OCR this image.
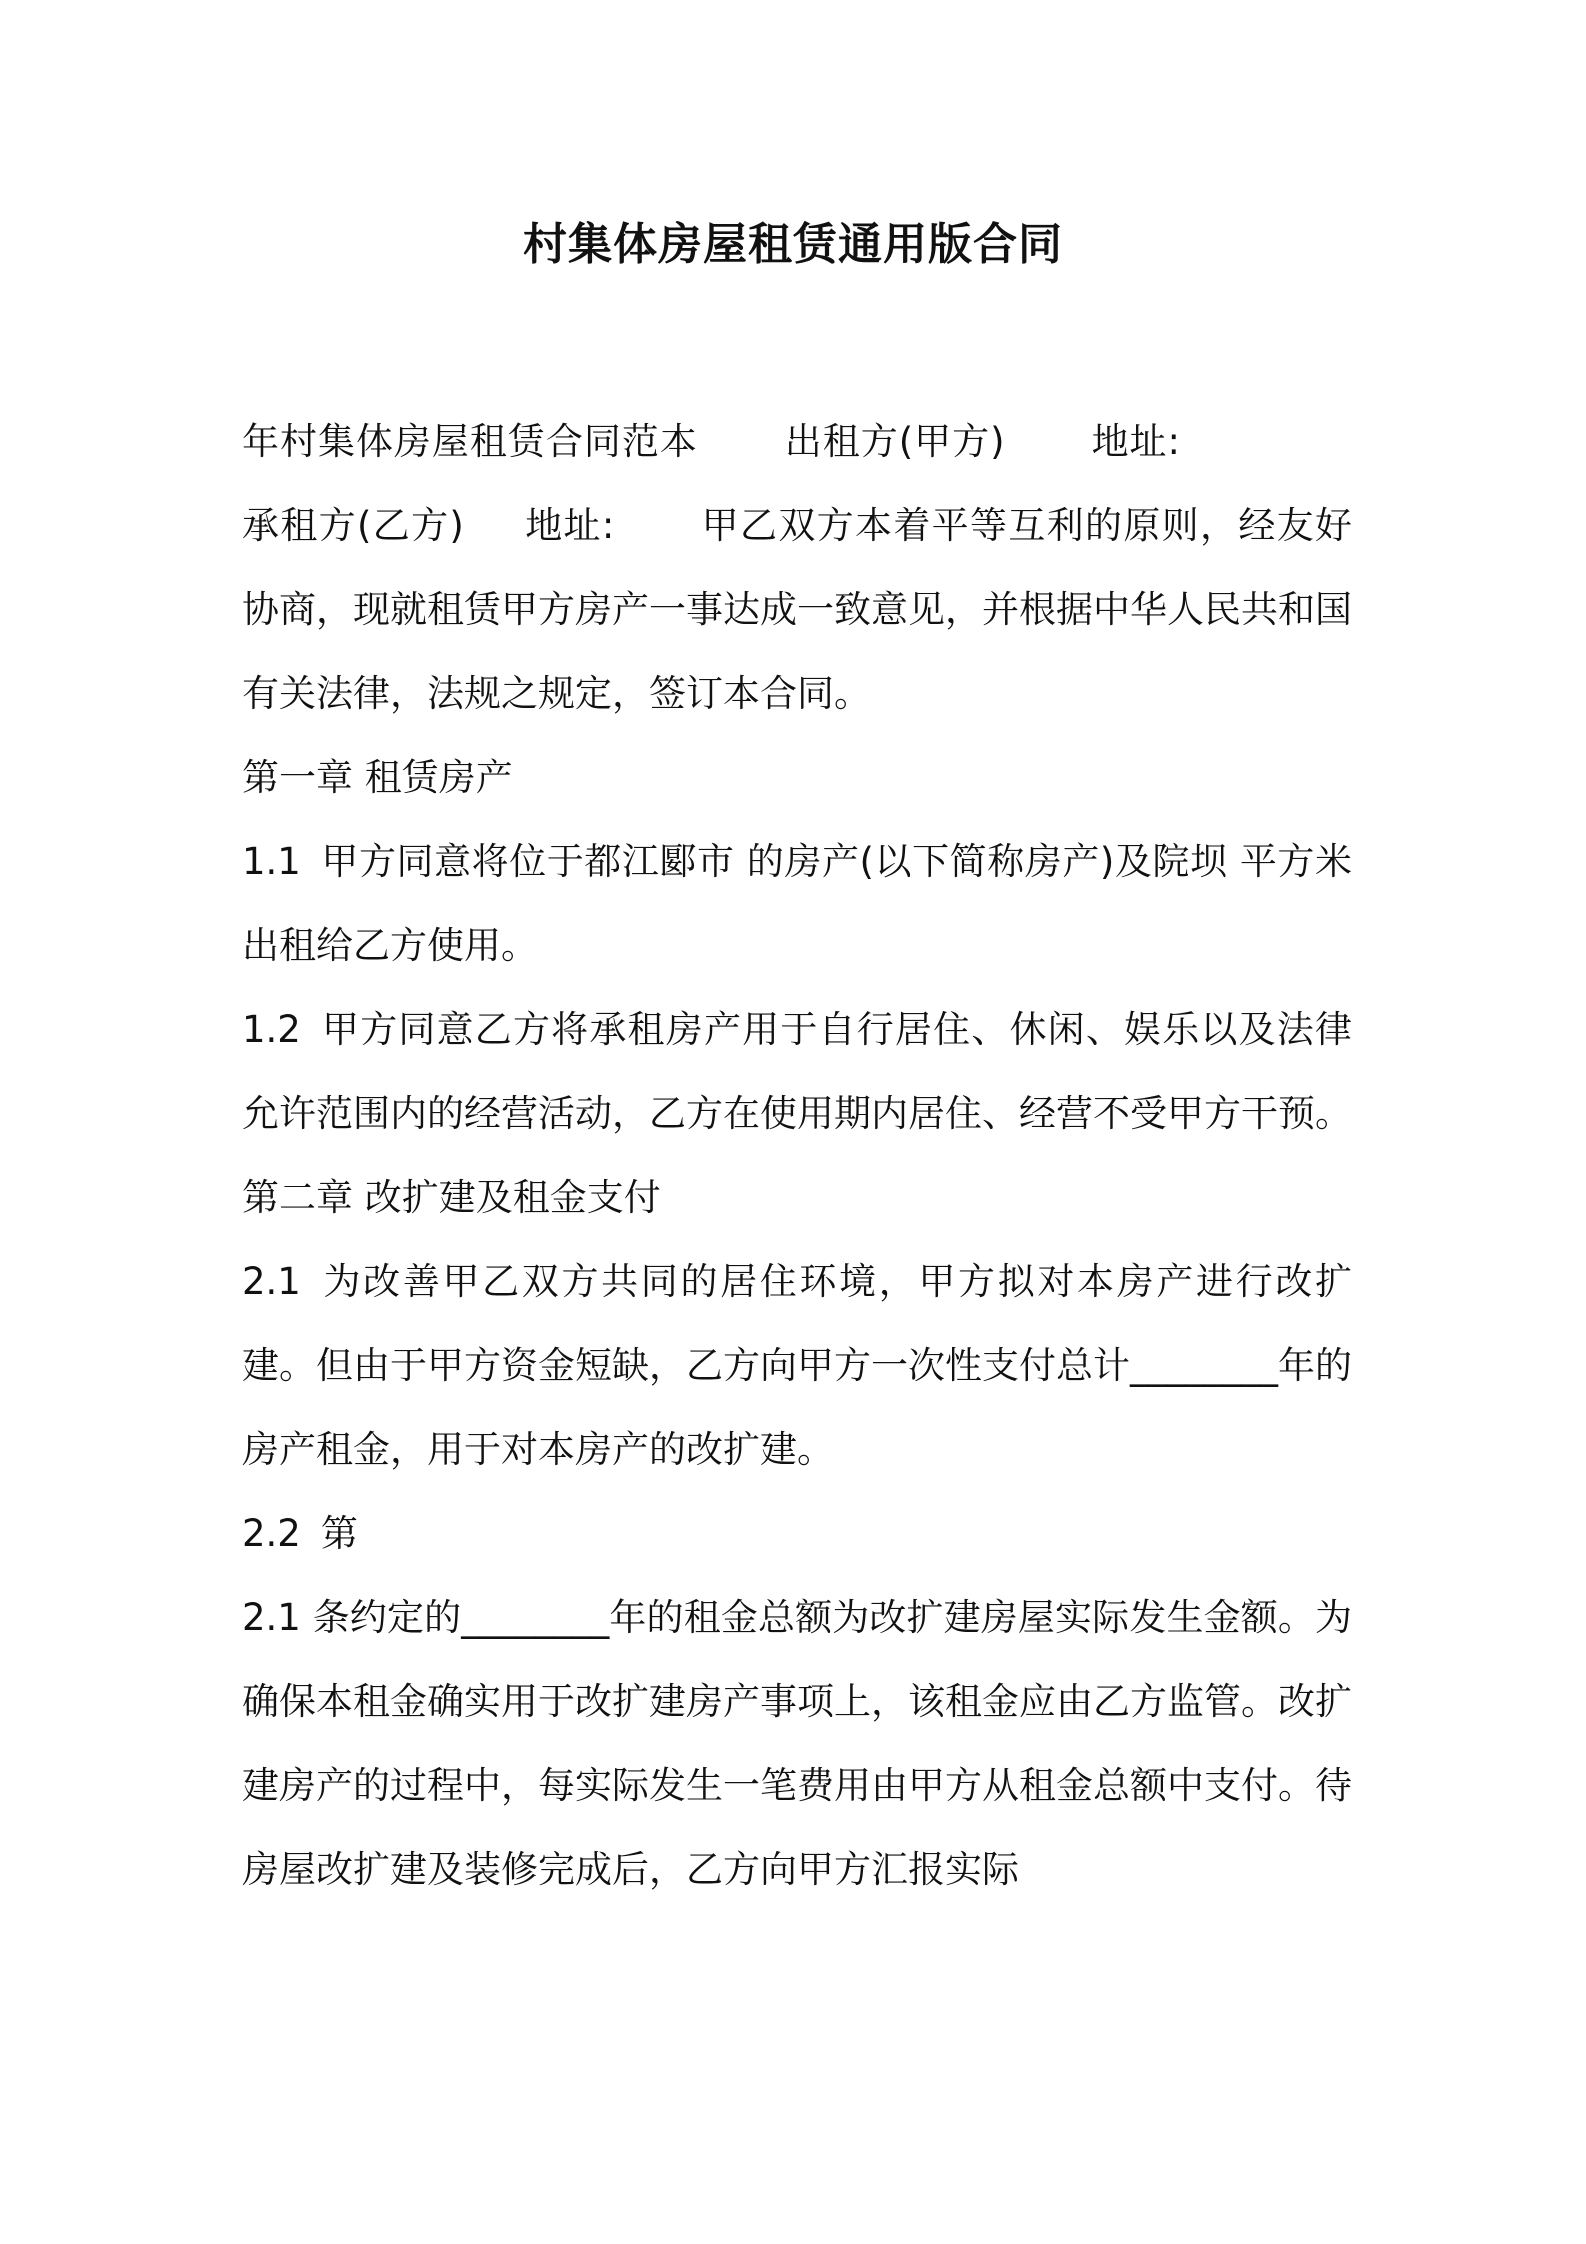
村集体房屋租赁通用版合同

年村集体房屋租赁合同范本 出租方(甲方) 地址:承租方(乙方) 地址: 甲乙双方本着平等互利的原则，经友好协商，现就租赁甲方房产一事达成一致意见，并根据中华人民共和国有关法律，法规之规定，签订本合同。

第一章 租赁房产

1.1 甲方同意将位于都江郾市 的房产(以下简称房产)及院坝 平方米出租给乙方使用。

1.2 甲方同意乙方将承租房产用于自行居住、休闲、娱乐以及法律允许范围内的经营活动，乙方在使用期内居住、经营不受甲方干预。

第二章 改扩建及租金支付

2.1 为改善甲乙双方共同的居住环境，甲方拟对本房产进行改扩建。但由于甲方资金短缺，乙方向甲方一次性支付总计________年的房产租金，用于对本房产的改扩建。

2.2 第

2.1 条约定的________年的租金总额为改扩建房屋实际发生金额。为确保本租金确实用于改扩建房产事项上，该租金应由乙方监管。改扩建房产的过程中，每实际发生一笔费用由甲方从租金总额中支付。待房屋改扩建及装修完成后，乙方向甲方汇报实际
